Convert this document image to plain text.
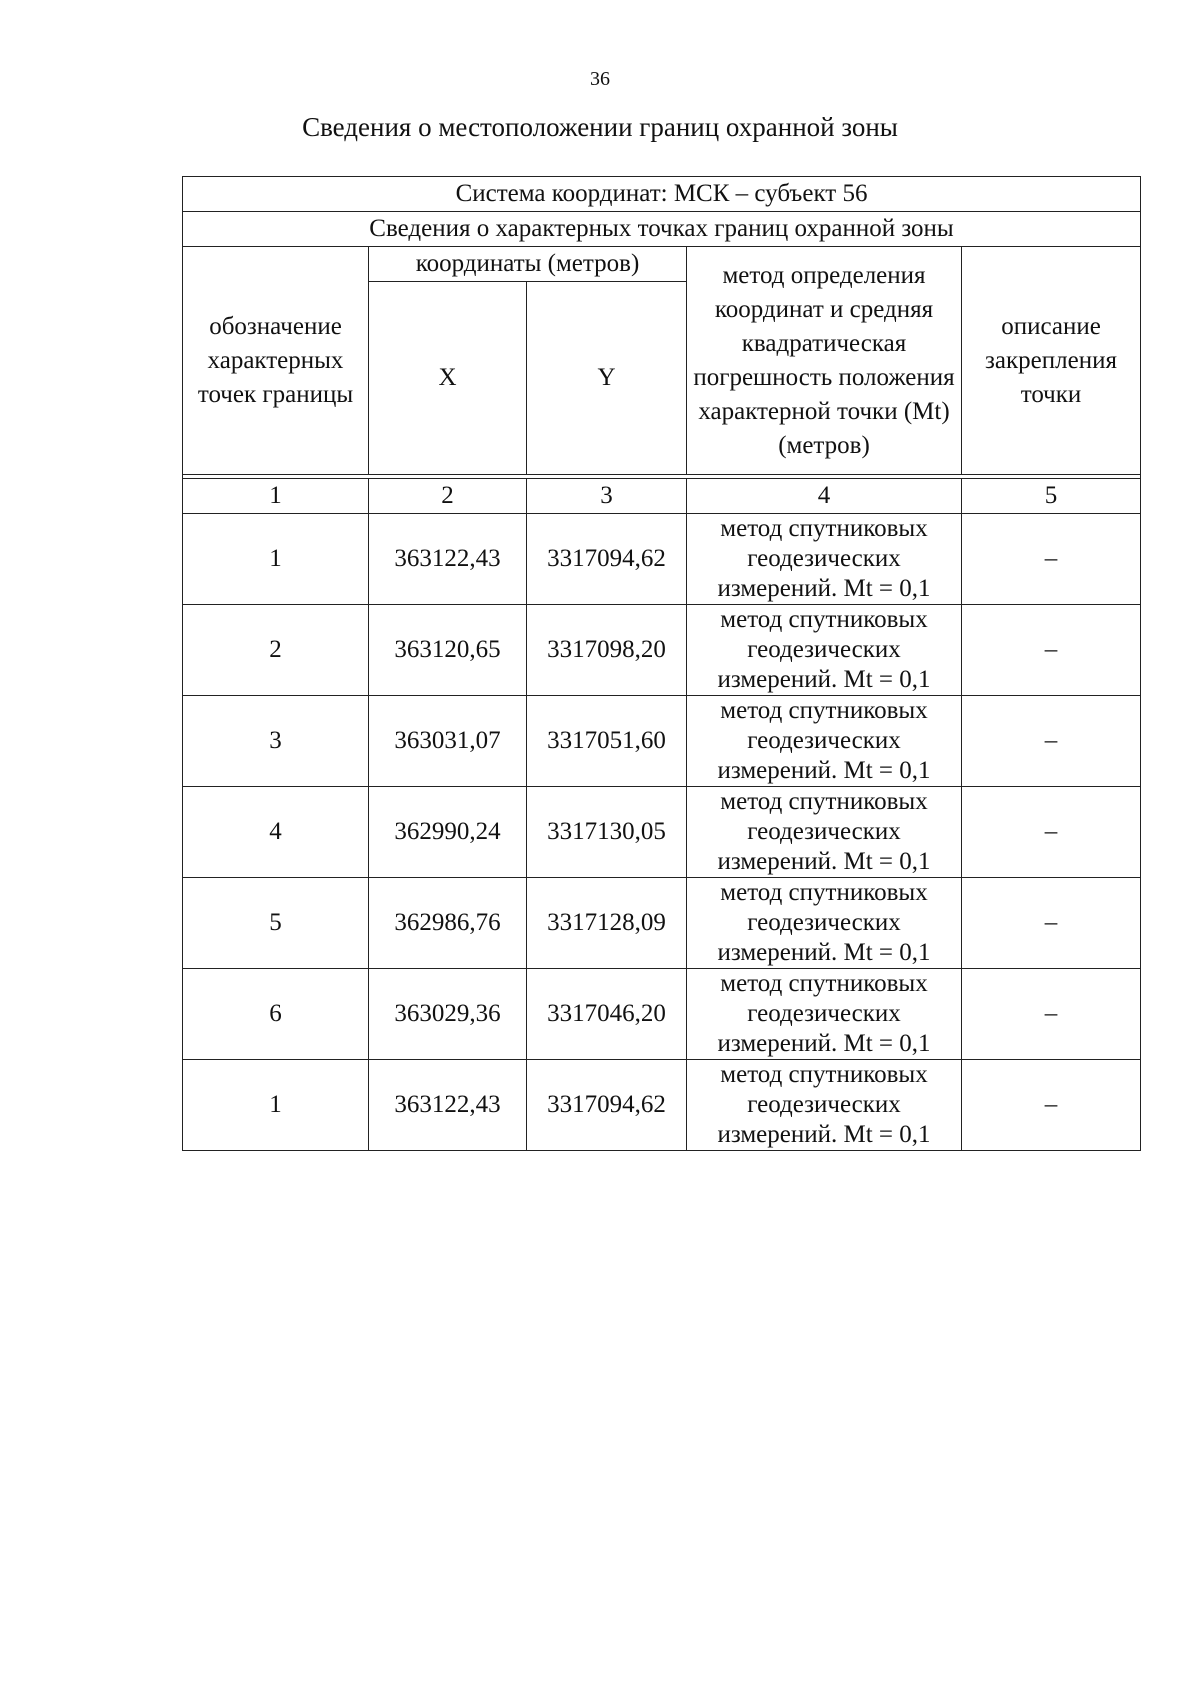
36
Сведения о местоположении границ охранной зоны
Система координат: МСК – субъект 56				
Сведения о характерных точках границ охранной зоны				
обозначение характерных точек границы	координаты (метров)		метод определения координат и средняя квадратическая погрешность положения характерной точки (Mt) (метров)	описание закрепления точки
	X	Y		

1	2	3	4	5
1	363122,43	3317094,62	метод спутниковых геодезических измерений. Mt = 0,1	–
2	363120,65	3317098,20	метод спутниковых геодезических измерений. Mt = 0,1	–
3	363031,07	3317051,60	метод спутниковых геодезических измерений. Mt = 0,1	–
4	362990,24	3317130,05	метод спутниковых геодезических измерений. Mt = 0,1	–
5	362986,76	3317128,09	метод спутниковых геодезических измерений. Mt = 0,1	–
6	363029,36	3317046,20	метод спутниковых геодезических измерений. Mt = 0,1	–
1	363122,43	3317094,62	метод спутниковых геодезических измерений. Mt = 0,1	–
